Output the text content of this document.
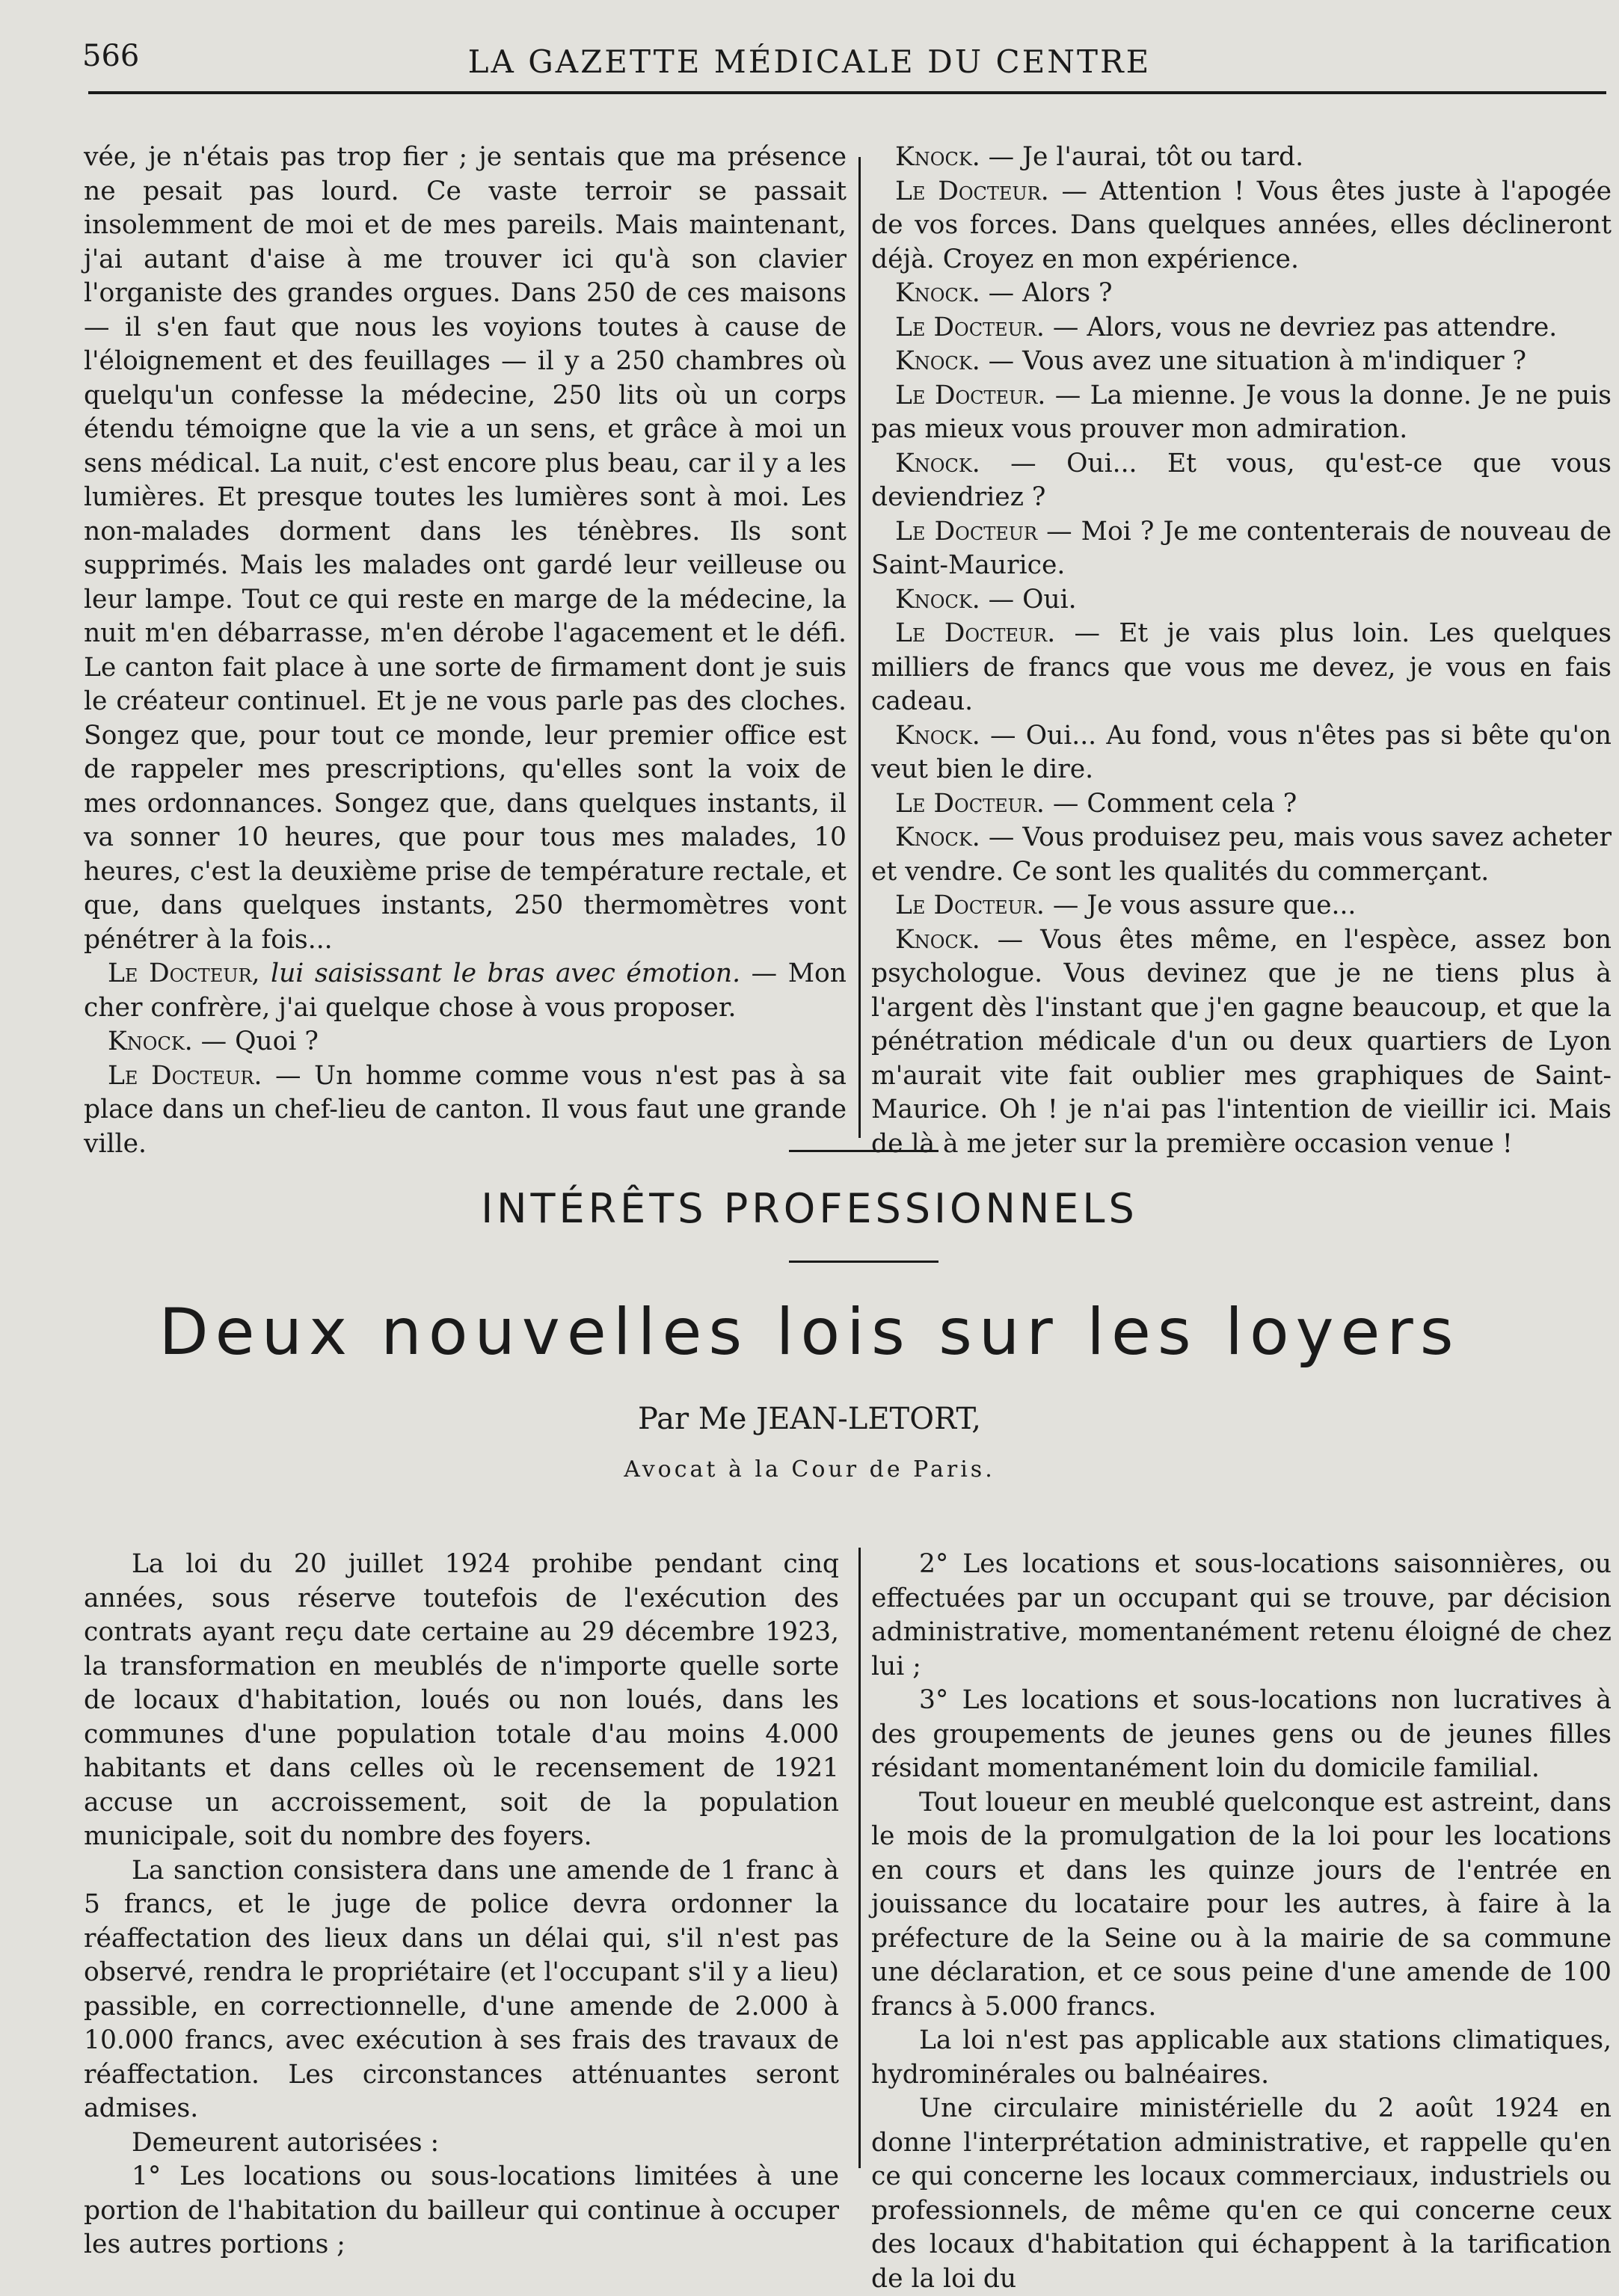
566	LA GAZETTE MÉDICALE DU CENTRE

vée, je n'étais pas trop fier ; je sentais que ma présence ne pesait pas lourd. Ce vaste terroir se passait insolemment de moi et de mes pareils. Mais maintenant, j'ai autant d'aise à me trouver ici qu'à son clavier l'organiste des grandes orgues. Dans 250 de ces maisons — il s'en faut que nous les voyions toutes à cause de l'éloignement et des feuillages — il y a 250 chambres où quelqu'un confesse la médecine, 250 lits où un corps étendu témoigne que la vie a un sens, et grâce à moi un sens médical. La nuit, c'est encore plus beau, car il y a les lumières. Et presque toutes les lumières sont à moi. Les non-malades dorment dans les ténèbres. Ils sont supprimés. Mais les malades ont gardé leur veilleuse ou leur lampe. Tout ce qui reste en marge de la médecine, la nuit m'en débarrasse, m'en dérobe l'agacement et le défi. Le canton fait place à une sorte de firmament dont je suis le créateur continuel. Et je ne vous parle pas des cloches. Songez que, pour tout ce monde, leur premier office est de rappeler mes prescriptions, qu'elles sont la voix de mes ordonnances. Songez que, dans quelques instants, il va sonner 10 heures, que pour tous mes malades, 10 heures, c'est la deuxième prise de température rectale, et que, dans quelques instants, 250 thermomètres vont pénétrer à la fois...

Le Docteur, lui saisissant le bras avec émotion. — Mon cher confrère, j'ai quelque chose à vous proposer.

Knock. — Quoi ?

Le Docteur. — Un homme comme vous n'est pas à sa place dans un chef-lieu de canton. Il vous faut une grande ville.

Knock. — Je l'aurai, tôt ou tard.

Le Docteur. — Attention ! Vous êtes juste à l'apogée de vos forces. Dans quelques années, elles déclineront déjà. Croyez en mon expérience.

Knock. — Alors ?

Le Docteur. — Alors, vous ne devriez pas attendre.

Knock. — Vous avez une situation à m'indiquer ?

Le Docteur. — La mienne. Je vous la donne. Je ne puis pas mieux vous prouver mon admiration.

Knock. — Oui... Et vous, qu'est-ce que vous deviendriez ?

Le Docteur — Moi ? Je me contenterais de nouveau de Saint-Maurice.

Knock. — Oui.

Le Docteur. — Et je vais plus loin. Les quelques milliers de francs que vous me devez, je vous en fais cadeau.

Knock. — Oui... Au fond, vous n'êtes pas si bête qu'on veut bien le dire.

Le Docteur. — Comment cela ?

Knock. — Vous produisez peu, mais vous savez acheter et vendre. Ce sont les qualités du commerçant.

Le Docteur. — Je vous assure que...

Knock. — Vous êtes même, en l'espèce, assez bon psychologue. Vous devinez que je ne tiens plus à l'argent dès l'instant que j'en gagne beaucoup, et que la pénétration médicale d'un ou deux quartiers de Lyon m'aurait vite fait oublier mes graphiques de Saint-Maurice. Oh ! je n'ai pas l'intention de vieillir ici. Mais de là à me jeter sur la première occasion venue !

INTÉRÊTS PROFESSIONNELS
Deux nouvelles lois sur les loyers
Par Me JEAN-LETORT,
Avocat à la Cour de Paris.

La loi du 20 juillet 1924 prohibe pendant cinq années, sous réserve toutefois de l'exécution des contrats ayant reçu date certaine au 29 décembre 1923, la transformation en meublés de n'importe quelle sorte de locaux d'habitation, loués ou non loués, dans les communes d'une population totale d'au moins 4.000 habitants et dans celles où le recensement de 1921 accuse un accroissement, soit de la population municipale, soit du nombre des foyers.

La sanction consistera dans une amende de 1 franc à 5 francs, et le juge de police devra ordonner la réaffectation des lieux dans un délai qui, s'il n'est pas observé, rendra le propriétaire (et l'occupant s'il y a lieu) passible, en correctionnelle, d'une amende de 2.000 à 10.000 francs, avec exécution à ses frais des travaux de réaffectation. Les circonstances atténuantes seront admises.

Demeurent autorisées :

1° Les locations ou sous-locations limitées à une portion de l'habitation du bailleur qui continue à occuper les autres portions ;

2° Les locations et sous-locations saisonnières, ou effectuées par un occupant qui se trouve, par décision administrative, momentanément retenu éloigné de chez lui ;

3° Les locations et sous-locations non lucratives à des groupements de jeunes gens ou de jeunes filles résidant momentanément loin du domicile familial.

Tout loueur en meublé quelconque est astreint, dans le mois de la promulgation de la loi pour les locations en cours et dans les quinze jours de l'entrée en jouissance du locataire pour les autres, à faire à la préfecture de la Seine ou à la mairie de sa commune une déclaration, et ce sous peine d'une amende de 100 francs à 5.000 francs.

La loi n'est pas applicable aux stations climatiques, hydrominérales ou balnéaires.

Une circulaire ministérielle du 2 août 1924 en donne l'interprétation administrative, et rappelle qu'en ce qui concerne les locaux commerciaux, industriels ou professionnels, de même qu'en ce qui concerne ceux des locaux d'habitation qui échappent à la tarification de la loi du
